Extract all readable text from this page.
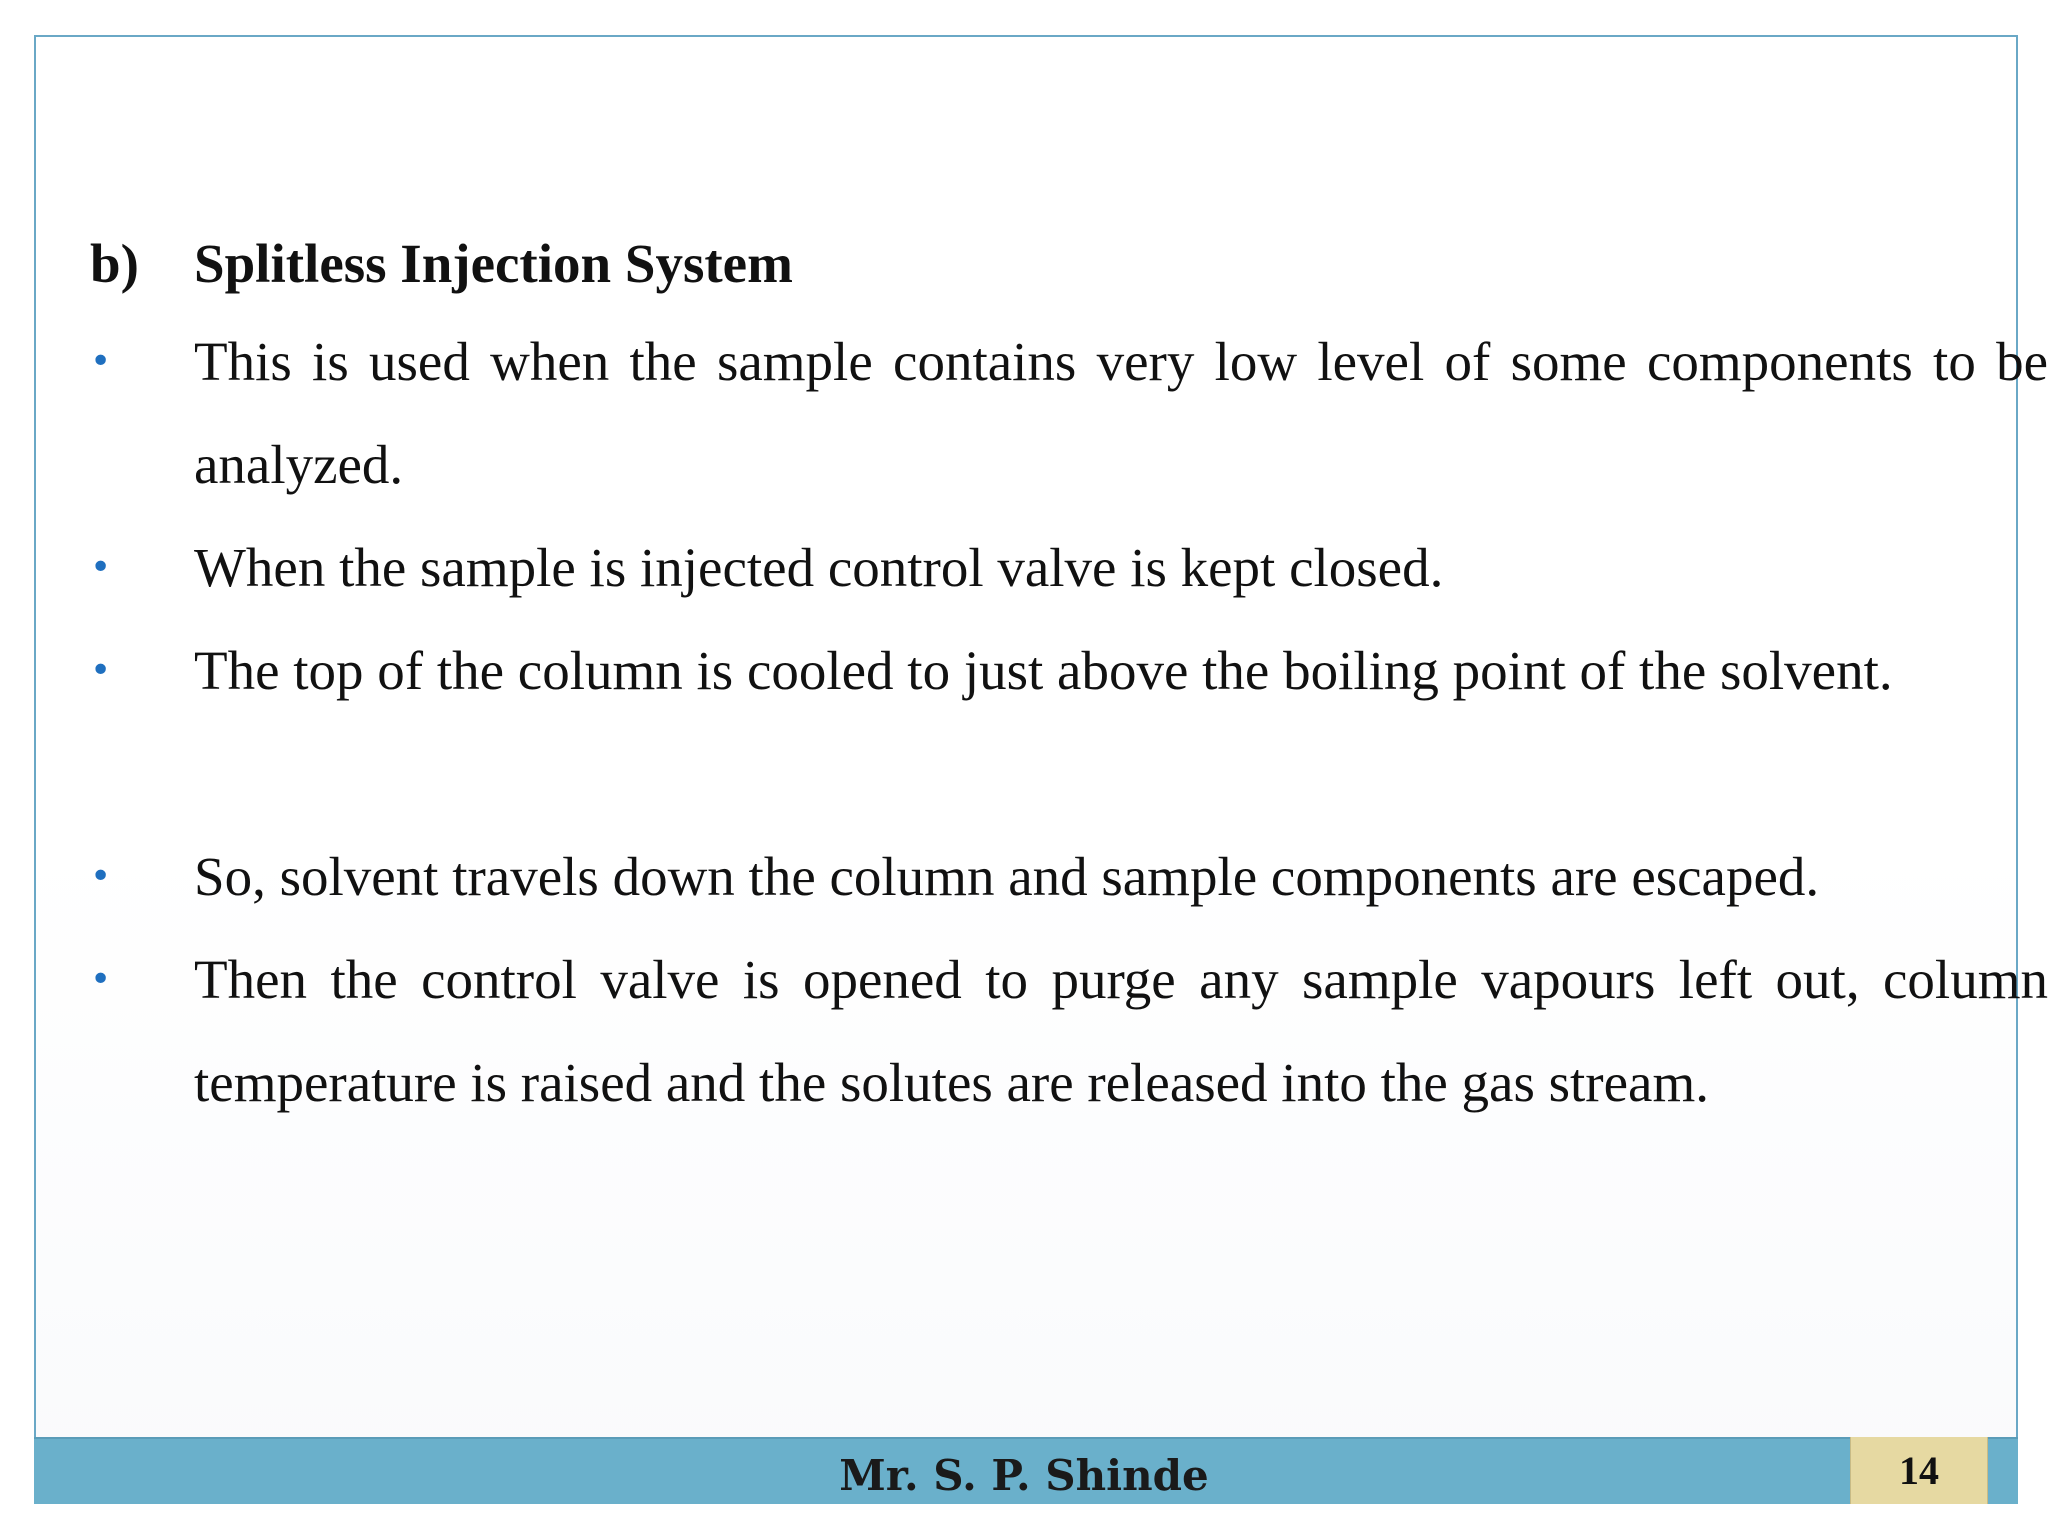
b)	Splitless Injection System
• This is used when the sample contains very low level of some components to be analyzed.
• When the sample is injected control valve is kept closed.
• The top of the column is cooled to just above the boiling point of the solvent.
• So, solvent travels down the column and sample components are escaped.
• Then the control valve is opened to purge any sample vapours left out, column temperature is raised and the solutes are released into the gas stream.
Mr. S. P. Shinde	14
